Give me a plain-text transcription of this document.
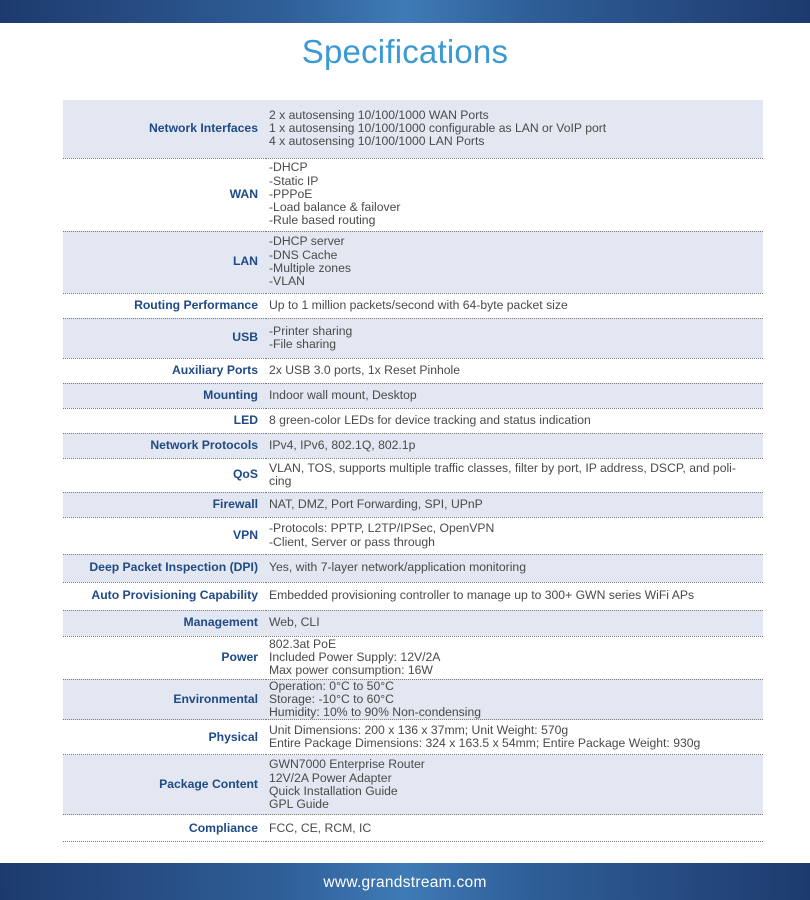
Specifications
Network Interfaces	2 x autosensing 10/100/1000 WAN Ports
1 x autosensing 10/100/1000 configurable as LAN or VoIP port
4 x autosensing 10/100/1000 LAN Ports

WAN	-DHCP
-Static IP
-PPPoE
-Load balance & failover
-Rule based routing

LAN	-DHCP server
-DNS Cache
-Multiple zones
-VLAN

Routing Performance	Up to 1 million packets/second with 64-byte packet size

USB	-Printer sharing
-File sharing

Auxiliary Ports	2x USB 3.0 ports, 1x Reset Pinhole

Mounting	Indoor wall mount, Desktop

LED	8 green-color LEDs for device tracking and status indication

Network Protocols	IPv4, IPv6, 802.1Q, 802.1p

QoS	VLAN, TOS, supports multiple traffic classes, filter by port, IP address, DSCP, and poli-
cing

Firewall	NAT, DMZ, Port Forwarding, SPI, UPnP

VPN	-Protocols: PPTP, L2TP/IPSec, OpenVPN
-Client, Server or pass through

Deep Packet Inspection (DPI)	Yes, with 7-layer network/application monitoring

Auto Provisioning Capability	Embedded provisioning controller to manage up to 300+ GWN series WiFi APs

Management	Web, CLI

Power	802.3at PoE
Included Power Supply: 12V/2A
Max power consumption: 16W

Environmental	Operation: 0°C to 50°C
Storage: -10°C to 60°C
Humidity: 10% to 90% Non-condensing

Physical	Unit Dimensions: 200 x 136 x 37mm; Unit Weight: 570g
Entire Package Dimensions: 324 x 163.5 x 54mm; Entire Package Weight: 930g

Package Content	GWN7000 Enterprise Router
12V/2A Power Adapter
Quick Installation Guide
GPL Guide

Compliance	FCC, CE, RCM, IC
www.grandstream.com
